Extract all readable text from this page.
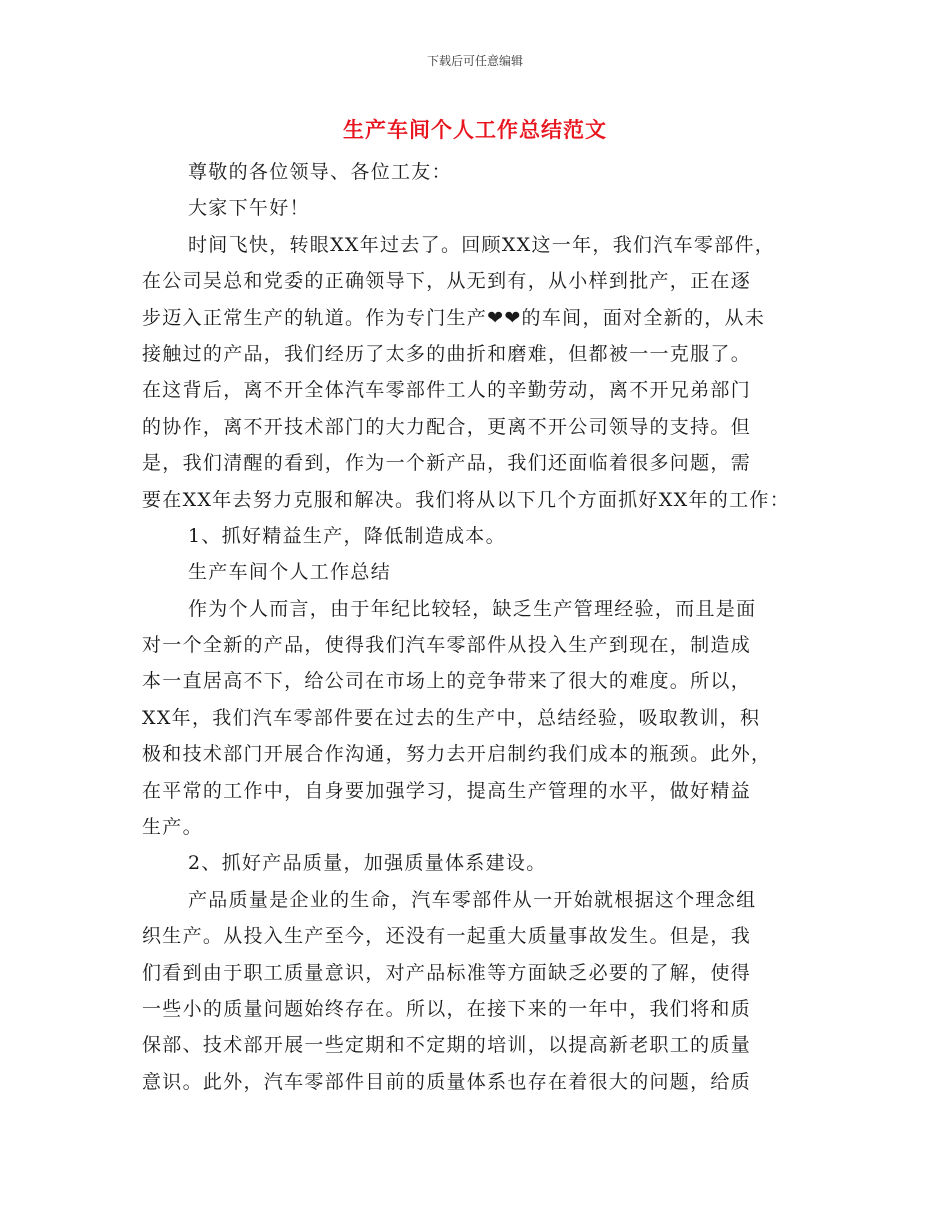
下载后可任意编辑
生产车间个人工作总结范文
尊敬的各位领导、各位工友：
大家下午好！
时间飞快，转眼XX年过去了。回顾XX这一年，我们汽车零部件，
在公司吴总和党委的正确领导下，从无到有，从小样到批产，正在逐
步迈入正常生产的轨道。作为专门生产❤❤的车间，面对全新的，从未
接触过的产品，我们经历了太多的曲折和磨难，但都被一一克服了。
在这背后，离不开全体汽车零部件工人的辛勤劳动，离不开兄弟部门
的协作，离不开技术部门的大力配合，更离不开公司领导的支持。但
是，我们清醒的看到，作为一个新产品，我们还面临着很多问题，需
要在XX年去努力克服和解决。我们将从以下几个方面抓好XX年的工作：
1、抓好精益生产，降低制造成本。
生产车间个人工作总结
作为个人而言，由于年纪比较轻，缺乏生产管理经验，而且是面
对一个全新的产品，使得我们汽车零部件从投入生产到现在，制造成
本一直居高不下，给公司在市场上的竞争带来了很大的难度。所以，
XX年，我们汽车零部件要在过去的生产中，总结经验，吸取教训，积
极和技术部门开展合作沟通，努力去开启制约我们成本的瓶颈。此外，
在平常的工作中，自身要加强学习，提高生产管理的水平，做好精益
生产。
2、抓好产品质量，加强质量体系建设。
产品质量是企业的生命，汽车零部件从一开始就根据这个理念组
织生产。从投入生产至今，还没有一起重大质量事故发生。但是，我
们看到由于职工质量意识，对产品标准等方面缺乏必要的了解，使得
一些小的质量问题始终存在。所以，在接下来的一年中，我们将和质
保部、技术部开展一些定期和不定期的培训，以提高新老职工的质量
意识。此外，汽车零部件目前的质量体系也存在着很大的问题，给质
